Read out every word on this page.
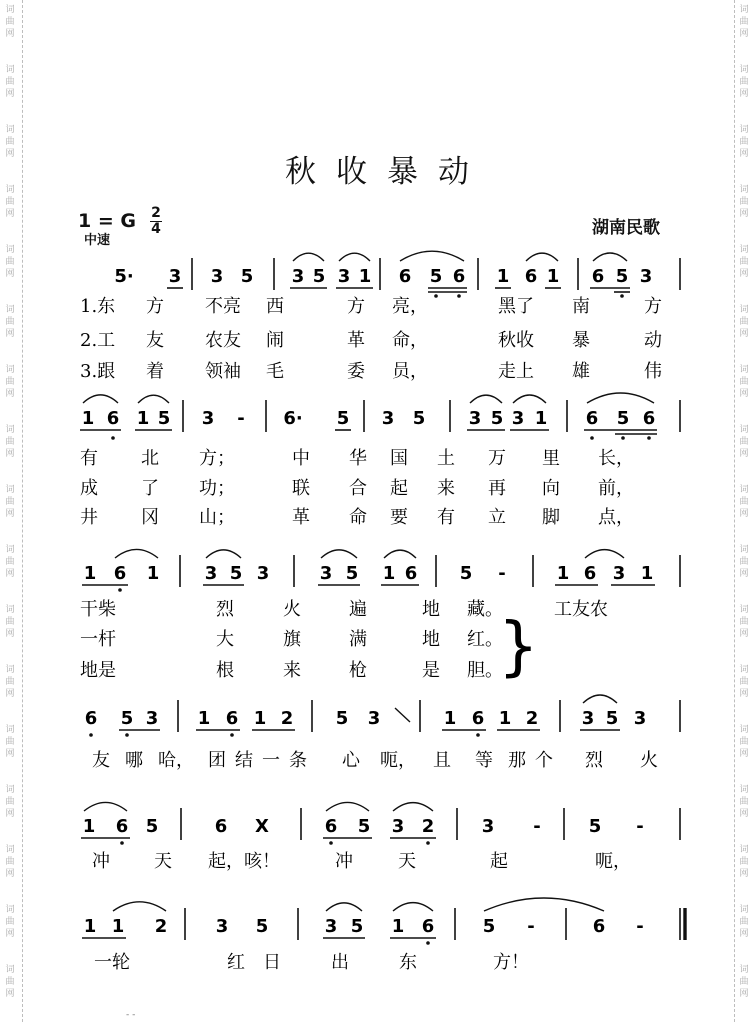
词
曲
网
词
曲
网
词
曲
网
词
曲
网
词
曲
网
词
曲
网
词
曲
网
词
曲
网
词
曲
网
词
曲
网
词
曲
网
词
曲
网
词
曲
网
词
曲
网
词
曲
网
词
曲
网
词
曲
网
词
曲
网
词
曲
网
词
曲
网
词
曲
网
词
曲
网
词
曲
网
词
曲
网
词
曲
网
词
曲
网
词
曲
网
词
曲
网
词
曲
网
词
曲
网
词
曲
网
词
曲
网
词
曲
网
词
曲
网
秋收暴动
1 = G 2
4	湖南民歌
中速
5· 3 3 5 3 5 3 1 6 5 6 1 6 1 6 5 3
1.东 方 不亮 西	方 亮，	黑了 南	方
2.工 友 农友 闹	革 命，	秋收 暴	动
3.跟 着 领袖 毛	委 员，	走上 雄	伟
1 6 1 5 3 - 6· 5 3 5 3 5 3 1 6 5 6
有 北 方；	中 华 国 土 万 里 长，
成 了 功；	联 合 起 来 再 向 前，
井 冈 山；	革 命 要 有 立 脚 点，
1 6 1	3 5 3	3 5 1 6 5 -	1 6 3 1
干柴	烈	火	遍	地 藏。	工友农
一杆	大	旗	满	地 红。
地是	根	来	枪	是 胆。
}
6 5 3 1 6 1 2 5 3	1 6 1 2 3 5 3
友 哪 哈， 团 结 一 条 心 呃， 且 等 那 个 烈 火
1 6 5	6 X	6 5 3 2	3 -	5 -
冲 天 起，咳！	冲	天	起	呃，
1 1 2	3 5	3 5 1 6	5 -	6 -
一轮	红 日	出	东	方！
- -
